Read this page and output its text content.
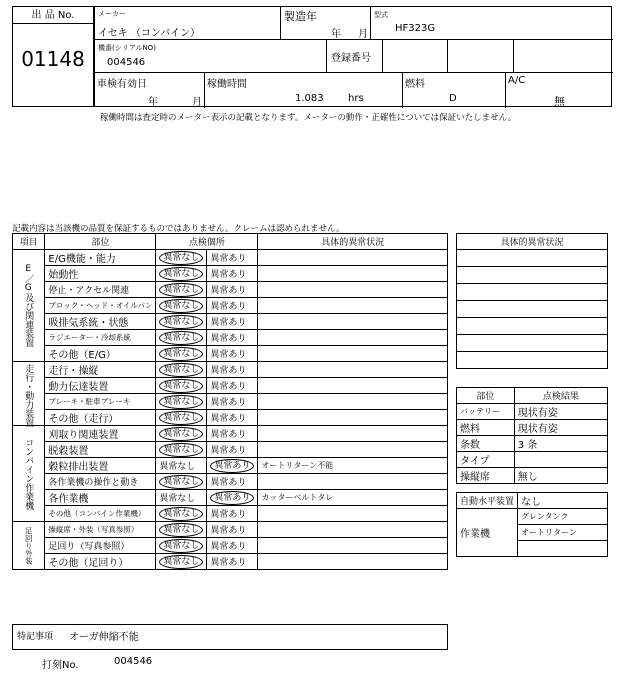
出 品 No.
01148
メーカー
イセキ （コンバイン）
製造年
年 月
型式
HF323G
機番(シリアルNO)
004546	登録番号
車検有効日
年	月
稼働時間
1.083 hrs
燃料
D
A/C
無
稼働時間は査定時のメーター表示の記載となります。メーターの動作・正確性については保証いたしません。
記載内容は当該機の品質を保証するものではありません。クレームは認められません。
項目	部位	点検個所		具体的異常状況
E／G及び関連装置	E/G機能・能力	異常なし	異常あり	
	始動性	異常なし	異常あり	
	停止・アクセル関連	異常なし	異常あり	
	ブロック・ヘッド・オイルパン	異常なし	異常あり	
	吸排気系統・状態	異常なし	異常あり	
	ラジエーター・冷却系統	異常なし	異常あり	
	その他（E/G）	異常なし	異常あり	
走行・動力装置	走行・操縦	異常なし	異常あり	
	動力伝達装置	異常なし	異常あり	
	ブレーキ・駐車ブレーキ	異常なし	異常あり	
	その他（走行）	異常なし	異常あり	
コンバイン作業機	刈取り関連装置	異常なし	異常あり	
	脱穀装置	異常なし	異常あり	
	穀粒排出装置	異常なし	異常あり	オートリターン不能
	各作業機の操作と動き	異常なし	異常あり	
	各作業機	異常なし	異常あり	カッターベルトタレ
	その他（コンバイン作業機）	異常なし	異常あり	
足回り外装	操縦席・外装（写真参照）	異常なし	異常あり	
	足回り（写真参照）	異常なし	異常あり	
	その他（足回り）	異常なし	異常あり	
具体的異常状況

部位	点検結果
バッテリー	現状有姿
燃料	現状有姿
条数	3 条
タイプ	
操縦席	無し
自動水平装置	なし
作業機	グレンタンク
	オートリターン

特記事項 オーガ伸縮不能
打刻No.	004546
